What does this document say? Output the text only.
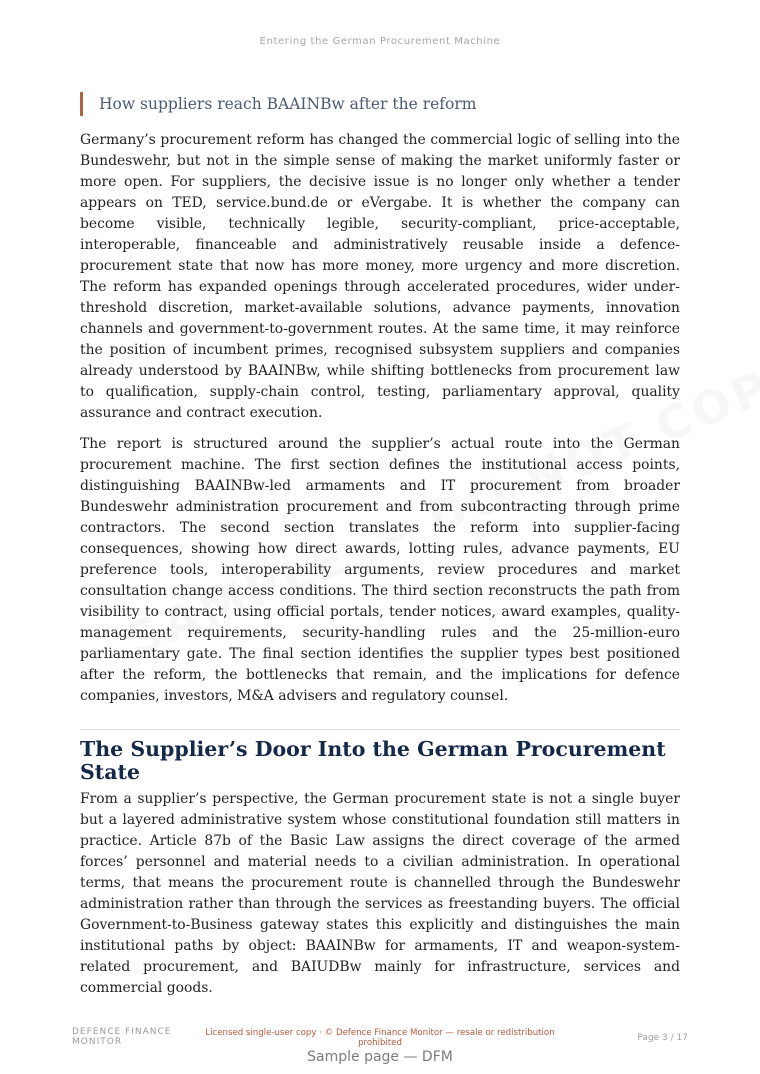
Entering the German Procurement Machine
How suppliers reach BAAINBw after the reform

Germany’s procurement reform has changed the commercial logic of selling into the Bundeswehr, but not in the simple sense of making the market uniformly faster or more open. For suppliers, the decisive issue is no longer only whether a tender appears on TED, service.bund.de or eVergabe. It is whether the company can become visible, technically legible, security-compliant, price-acceptable, interoperable, financeable and administratively reusable inside a defence-procurement state that now has more money, more urgency and more discretion. The reform has expanded openings through accelerated procedures, wider under-threshold discretion, market-available solutions, advance payments, innovation channels and government-to-government routes. At the same time, it may reinforce the position of incumbent primes, recognised subsystem suppliers and companies already understood by BAAINBw, while shifting bottlenecks from procurement law to qualification, supply-chain control, testing, parliamentary approval, quality assurance and contract execution.

The report is structured around the supplier’s actual route into the German procurement machine. The first section defines the institutional access points, distinguishing BAAINBw-led armaments and IT procurement from broader Bundeswehr administration procurement and from subcontracting through prime contractors. The second section translates the reform into supplier-facing consequences, showing how direct awards, lotting rules, advance payments, EU preference tools, interoperability arguments, review procedures and market consultation change access conditions. The third section reconstructs the path from visibility to contract, using official portals, tender notices, award examples, quality-management requirements, security-handling rules and the 25-million-euro parliamentary gate. The final section identifies the supplier types best positioned after the reform, the bottlenecks that remain, and the implications for defence companies, investors, M&A advisers and regulatory counsel.

The Supplier’s Door Into the German Procurement State

From a supplier’s perspective, the German procurement state is not a single buyer but a layered administrative system whose constitutional foundation still matters in practice. Article 87b of the Basic Law assigns the direct coverage of the armed forces’ personnel and material needs to a civilian administration. In operational terms, that means the procurement route is channelled through the Bundeswehr administration rather than through the services as freestanding buyers. The official Government-to-Business gateway states this explicitly and distinguishes the main institutional paths by object: BAAINBw for armaments, IT and weapon-system-related procurement, and BAIUDBw mainly for infrastructure, services and commercial goods.

DEFENCE FINANCE
MONITOR
Licensed single-user copy · © Defence Finance Monitor — resale or redistribution prohibited	Page 3 / 17
Sample page — DFM
